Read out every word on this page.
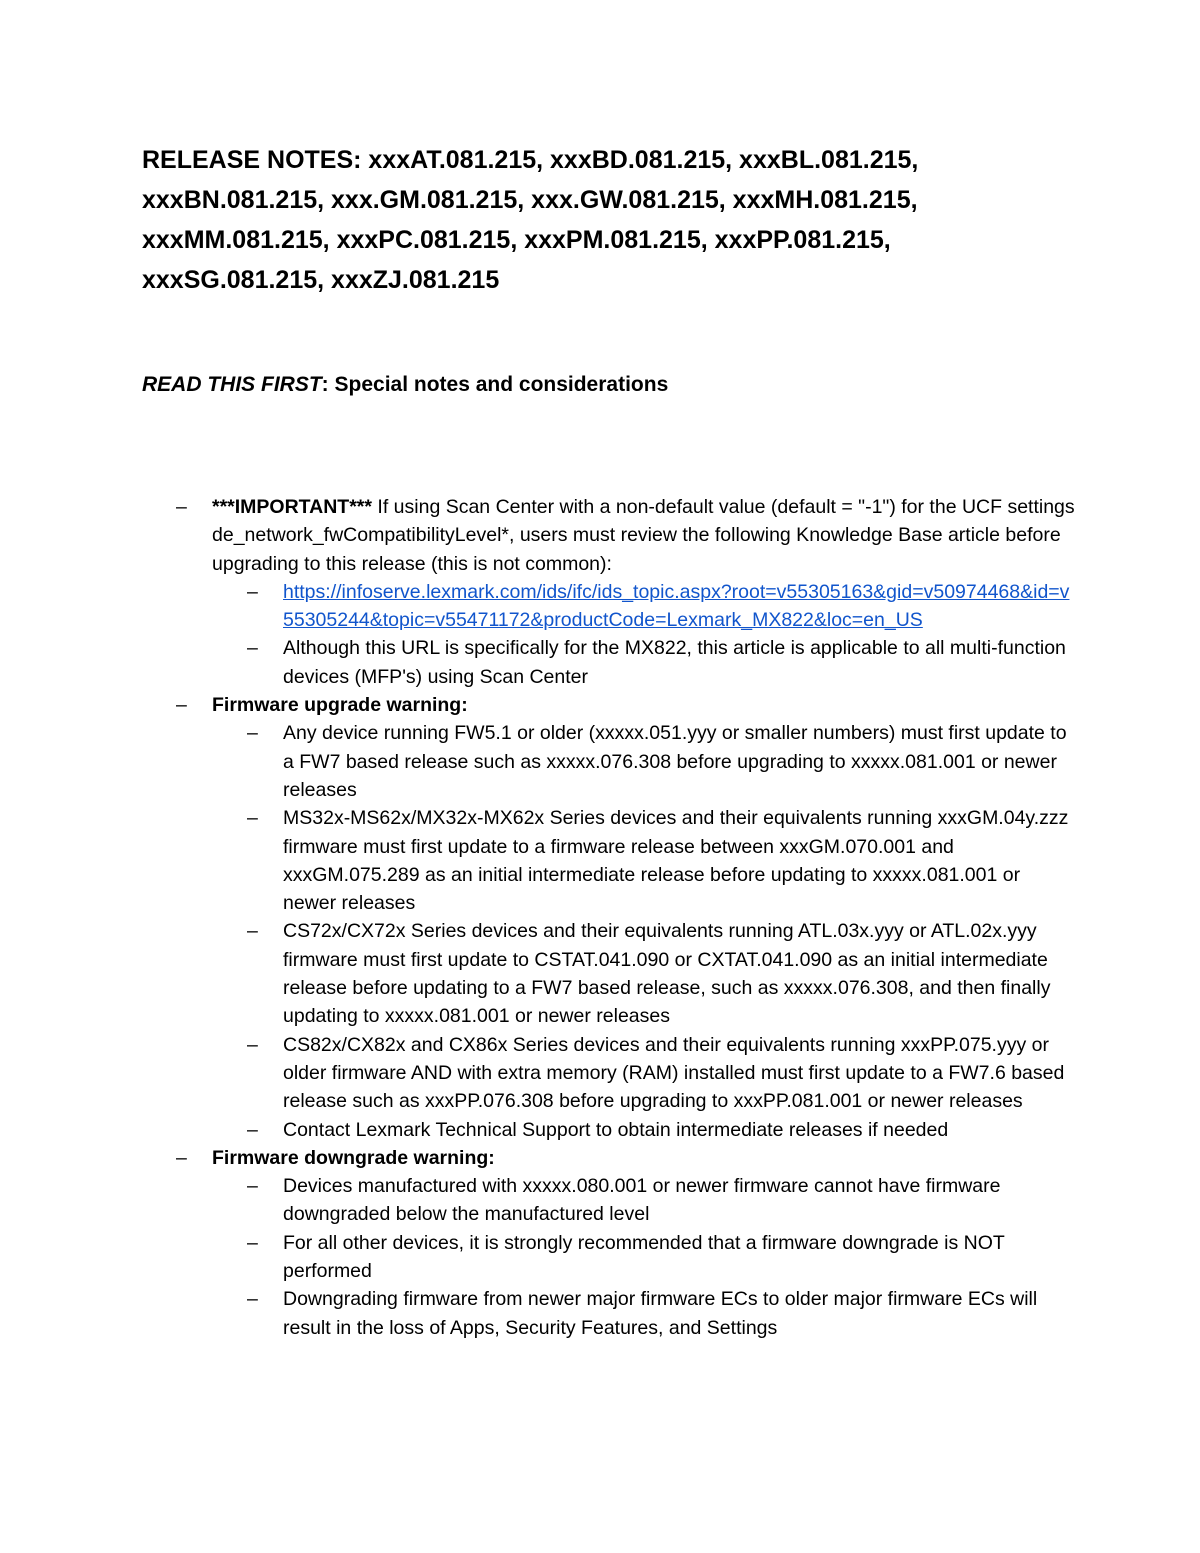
RELEASE NOTES: xxxAT.081.215, xxxBD.081.215, xxxBL.081.215, xxxBN.081.215, xxx.GM.081.215, xxx.GW.081.215, xxxMH.081.215, xxxMM.081.215, xxxPC.081.215, xxxPM.081.215, xxxPP.081.215, xxxSG.081.215, xxxZJ.081.215
READ THIS FIRST: Special notes and considerations
– ***IMPORTANT*** If using Scan Center with a non-default value (default = "-1") for the UCF settings de_network_fwCompatibilityLevel*, users must review the following Knowledge Base article before upgrading to this release (this is not common):
– https://infoserve.lexmark.com/ids/ifc/ids_topic.aspx?root=v55305163&gid=v50974468&id=v55305244&topic=v55471172&productCode=Lexmark_MX822&loc=en_US
– Although this URL is specifically for the MX822, this article is applicable to all multi-function devices (MFP's) using Scan Center
– Firmware upgrade warning:
– Any device running FW5.1 or older (xxxxx.051.yyy or smaller numbers) must first update to a FW7 based release such as xxxxx.076.308 before upgrading to xxxxx.081.001 or newer releases
– MS32x-MS62x/MX32x-MX62x Series devices and their equivalents running xxxGM.04y.zzz firmware must first update to a firmware release between xxxGM.070.001 and xxxGM.075.289 as an initial intermediate release before updating to xxxxx.081.001 or newer releases
– CS72x/CX72x Series devices and their equivalents running ATL.03x.yyy or ATL.02x.yyy firmware must first update to CSTAT.041.090 or CXTAT.041.090 as an initial intermediate release before updating to a FW7 based release, such as xxxxx.076.308, and then finally updating to xxxxx.081.001 or newer releases
– CS82x/CX82x and CX86x Series devices and their equivalents running xxxPP.075.yyy or older firmware AND with extra memory (RAM) installed must first update to a FW7.6 based release such as xxxPP.076.308 before upgrading to xxxPP.081.001 or newer releases
– Contact Lexmark Technical Support to obtain intermediate releases if needed
– Firmware downgrade warning:
– Devices manufactured with xxxxx.080.001 or newer firmware cannot have firmware downgraded below the manufactured level
– For all other devices, it is strongly recommended that a firmware downgrade is NOT performed
– Downgrading firmware from newer major firmware ECs to older major firmware ECs will result in the loss of Apps, Security Features, and Settings
